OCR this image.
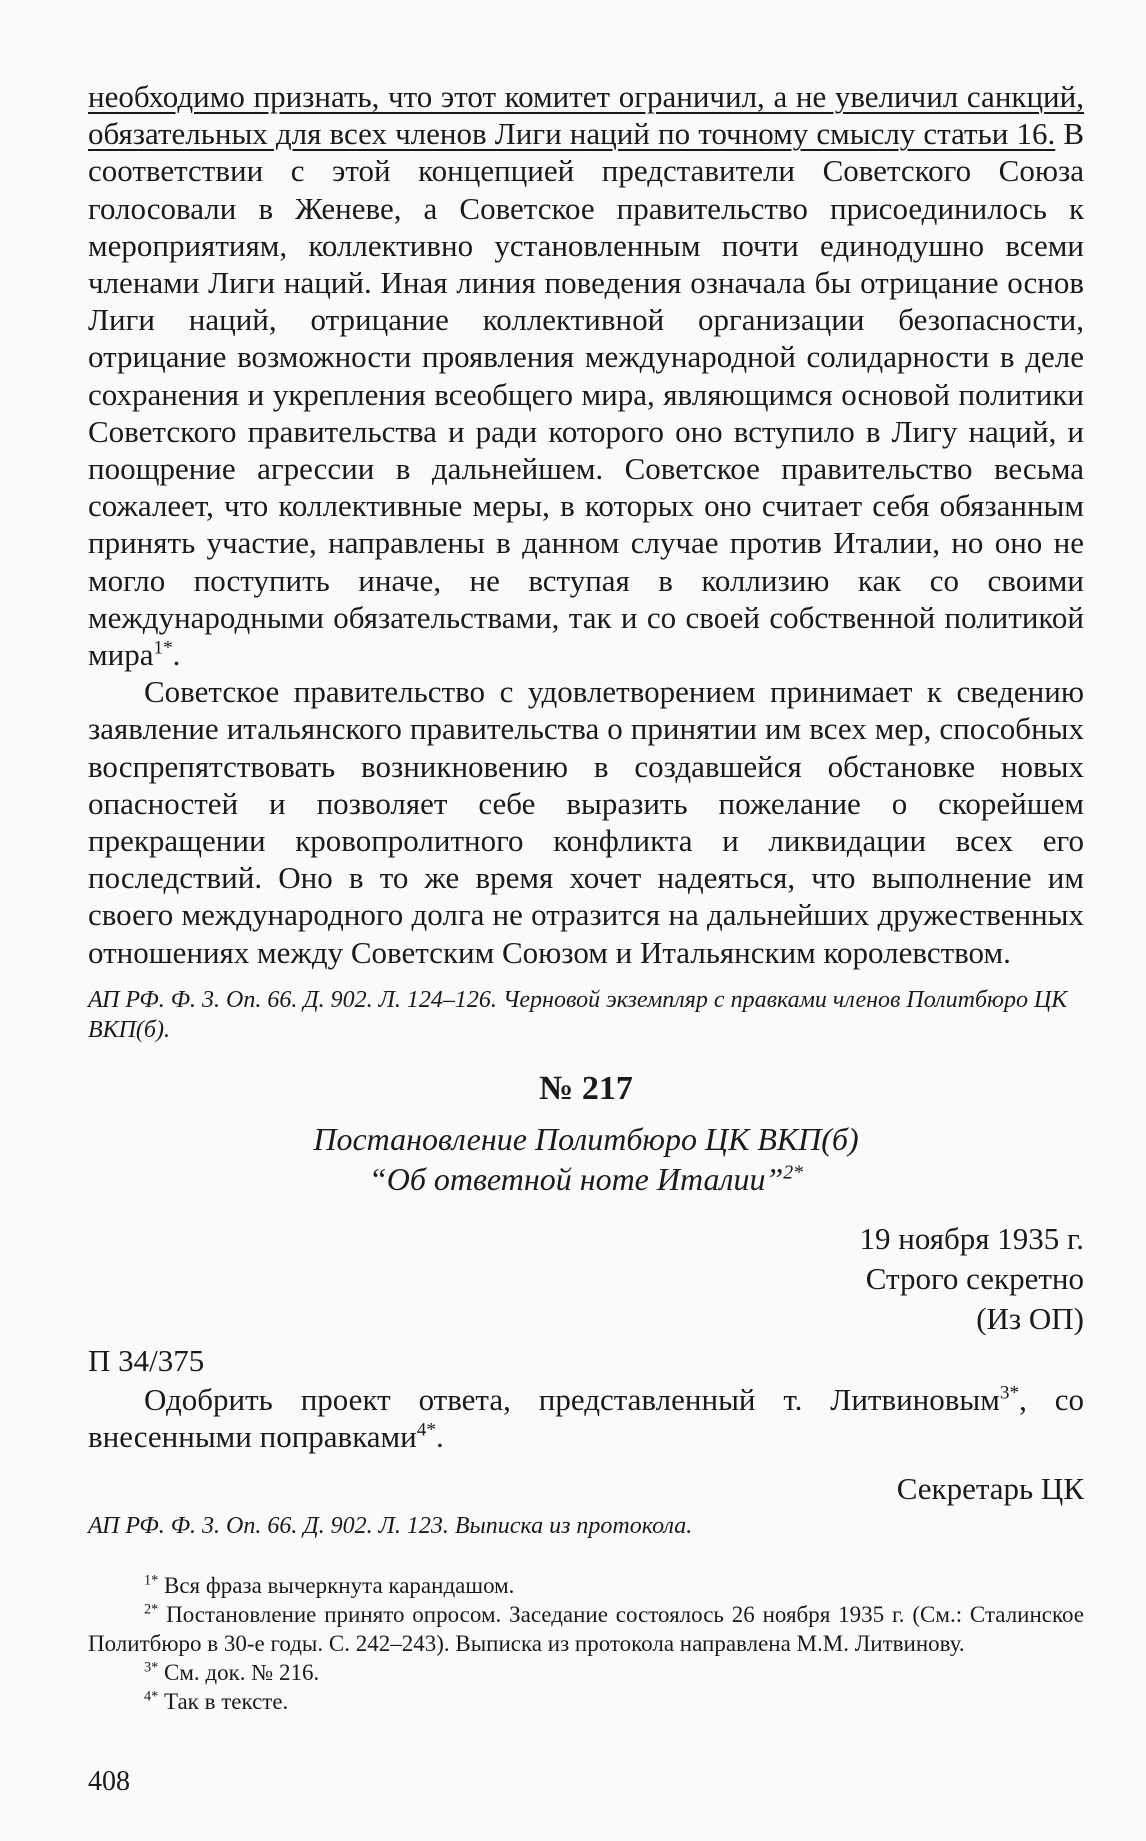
необходимо признать, что этот комитет ограничил, а не увеличил санкций, обязательных для всех членов Лиги наций по точному смыслу статьи 16. В соответствии с этой концепцией представители Советского Союза голосовали в Женеве, а Советское правительство присоединилось к мероприятиям, коллективно установленным почти единодушно всеми членами Лиги наций. Иная линия поведения означала бы отрицание основ Лиги наций, отрицание коллективной организации безопасности, отрицание возможности проявления международной солидарности в деле сохранения и укрепления всеобщего мира, являющимся основой политики Советского правительства и ради которого оно вступило в Лигу наций, и поощрение агрессии в дальнейшем. Советское правительство весьма сожалеет, что коллективные меры, в которых оно считает себя обязанным принять участие, направлены в данном случае против Италии, но оно не могло поступить иначе, не вступая в коллизию как со своими международными обязательствами, так и со своей собственной политикой мира$^{1*}$.

Советское правительство с удовлетворением принимает к сведению заявление итальянского правительства о принятии им всех мер, способных воспрепятствовать возникновению в создавшейся обстановке новых опасностей и позволяет себе выразить пожелание о скорейшем прекращении кровопролитного конфликта и ликвидации всех его последствий. Оно в то же время хочет надеяться, что выполнение им своего международного долга не отразится на дальнейших дружественных отношениях между Советским Союзом и Итальянским королевством.

АП РФ. Ф. 3. Оп. 66. Д. 902. Л. 124–126. Черновой экземпляр с правками членов Политбюро ЦК ВКП(б).

№ 217

Постановление Политбюро ЦК ВКП(б)

“Об ответной ноте Италии”$^{2*}$

19 ноября 1935 г.

Строго секретно

(Из ОП)

П 34/375

Одобрить проект ответа, представленный т. Литвиновым$^{3*}$, со внесенными поправками$^{4*}$.

Секретарь ЦК

АП РФ. Ф. 3. Оп. 66. Д. 902. Л. 123. Выписка из протокола.

$^{1*}$ Вся фраза вычеркнута карандашом.

$^{2*}$ Постановление принято опросом. Заседание состоялось 26 ноября 1935 г. (См.: Сталинское Политбюро в 30-е годы. С. 242–243). Выписка из протокола направлена М.М. Литвинову.

$^{3*}$ См. док. № 216.

$^{4*}$ Так в тексте.

408
